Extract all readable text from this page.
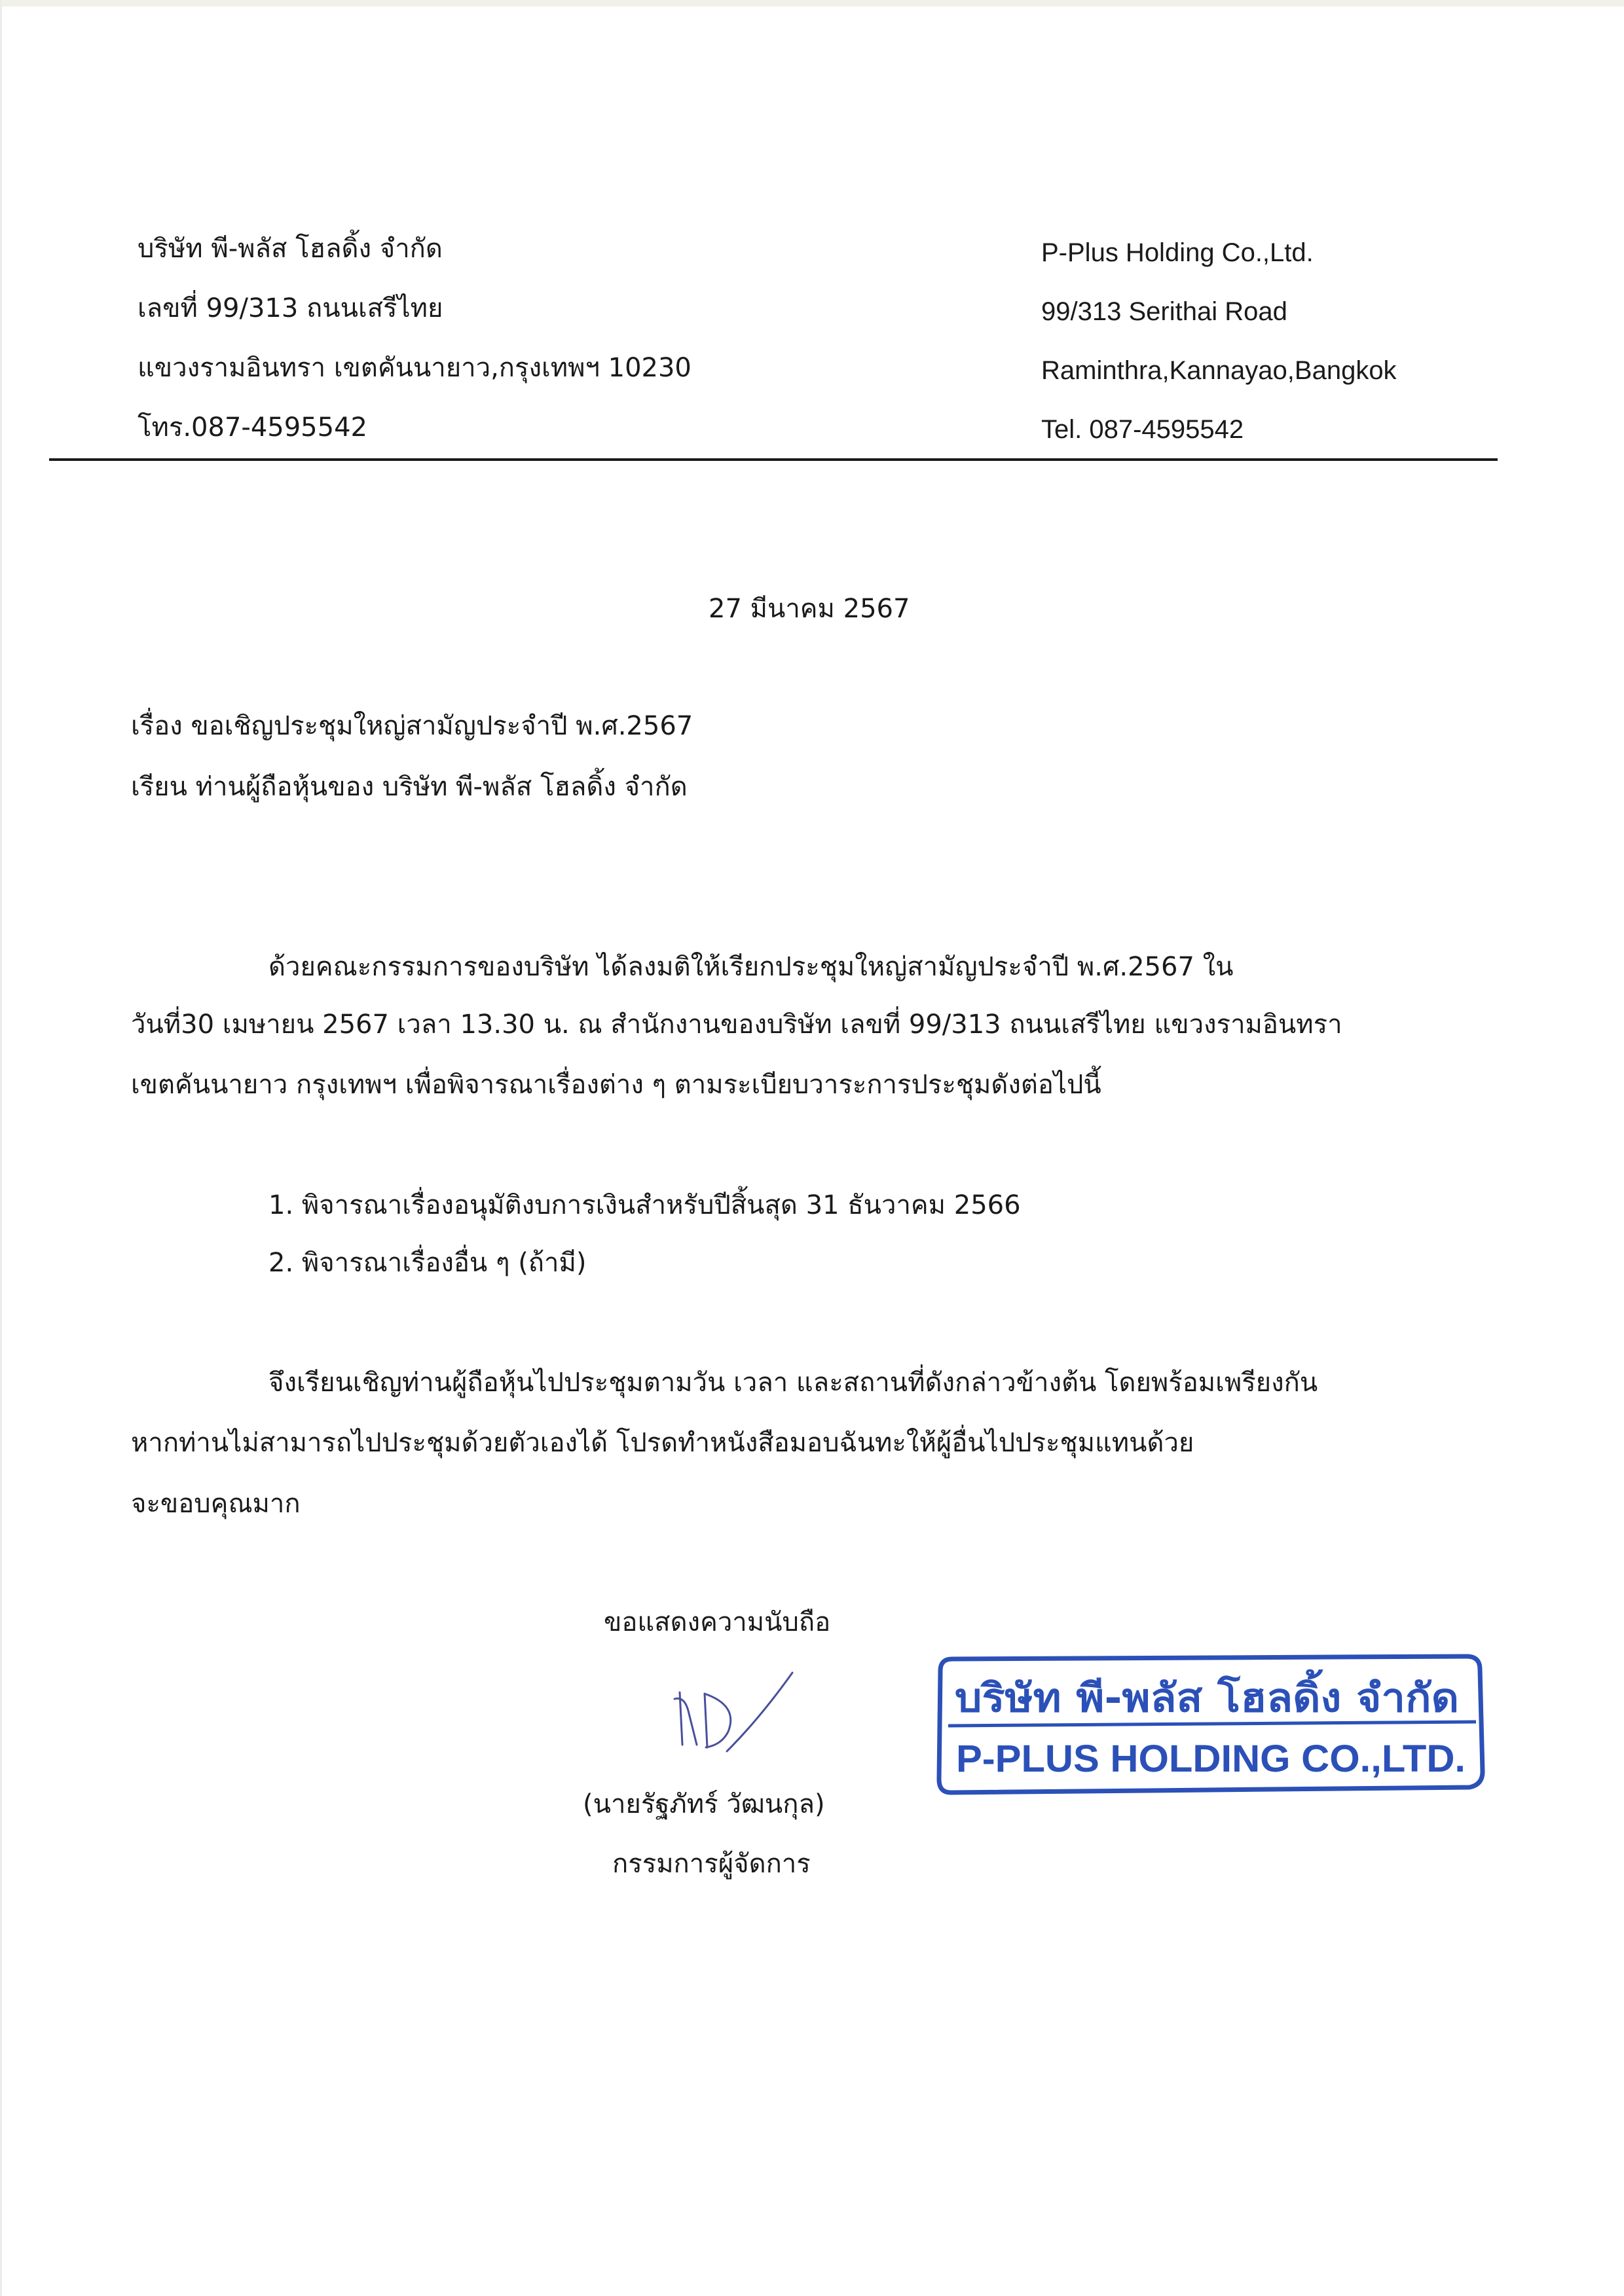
บริษัท พี-พลัส โฮลดิ้ง จำกัด
เลขที่ 99/313 ถนนเสรีไทย
แขวงรามอินทรา เขตคันนายาว,กรุงเทพฯ 10230
โทร.087-4595542
P-Plus Holding Co.,Ltd.
99/313 Serithai Road
Raminthra,Kannayao,Bangkok
Tel. 087-4595542
27 มีนาคม 2567
เรื่อง ขอเชิญประชุมใหญ่สามัญประจำปี พ.ศ.2567
เรียน ท่านผู้ถือหุ้นของ บริษัท พี-พลัส โฮลดิ้ง จำกัด
ด้วยคณะกรรมการของบริษัท ได้ลงมติให้เรียกประชุมใหญ่สามัญประจำปี พ.ศ.2567 ใน
วันที่30 เมษายน 2567 เวลา 13.30 น. ณ สำนักงานของบริษัท เลขที่ 99/313 ถนนเสรีไทย แขวงรามอินทรา
เขตคันนายาว กรุงเทพฯ เพื่อพิจารณาเรื่องต่าง ๆ ตามระเบียบวาระการประชุมดังต่อไปนี้
1. พิจารณาเรื่องอนุมัติงบการเงินสำหรับปีสิ้นสุด 31 ธันวาคม 2566
2. พิจารณาเรื่องอื่น ๆ (ถ้ามี)
จึงเรียนเชิญท่านผู้ถือหุ้นไปประชุมตามวัน เวลา และสถานที่ดังกล่าวข้างต้น โดยพร้อมเพรียงกัน
หากท่านไม่สามารถไปประชุมด้วยตัวเองได้ โปรดทำหนังสือมอบฉันทะให้ผู้อื่นไปประชุมแทนด้วย
จะขอบคุณมาก
ขอแสดงความนับถือ
(นายรัฐภัทร์ วัฒนกุล)
กรรมการผู้จัดการ
บริษัท พี-พลัส โฮลดิ้ง จำกัด
P-PLUS HOLDING CO.,LTD.
